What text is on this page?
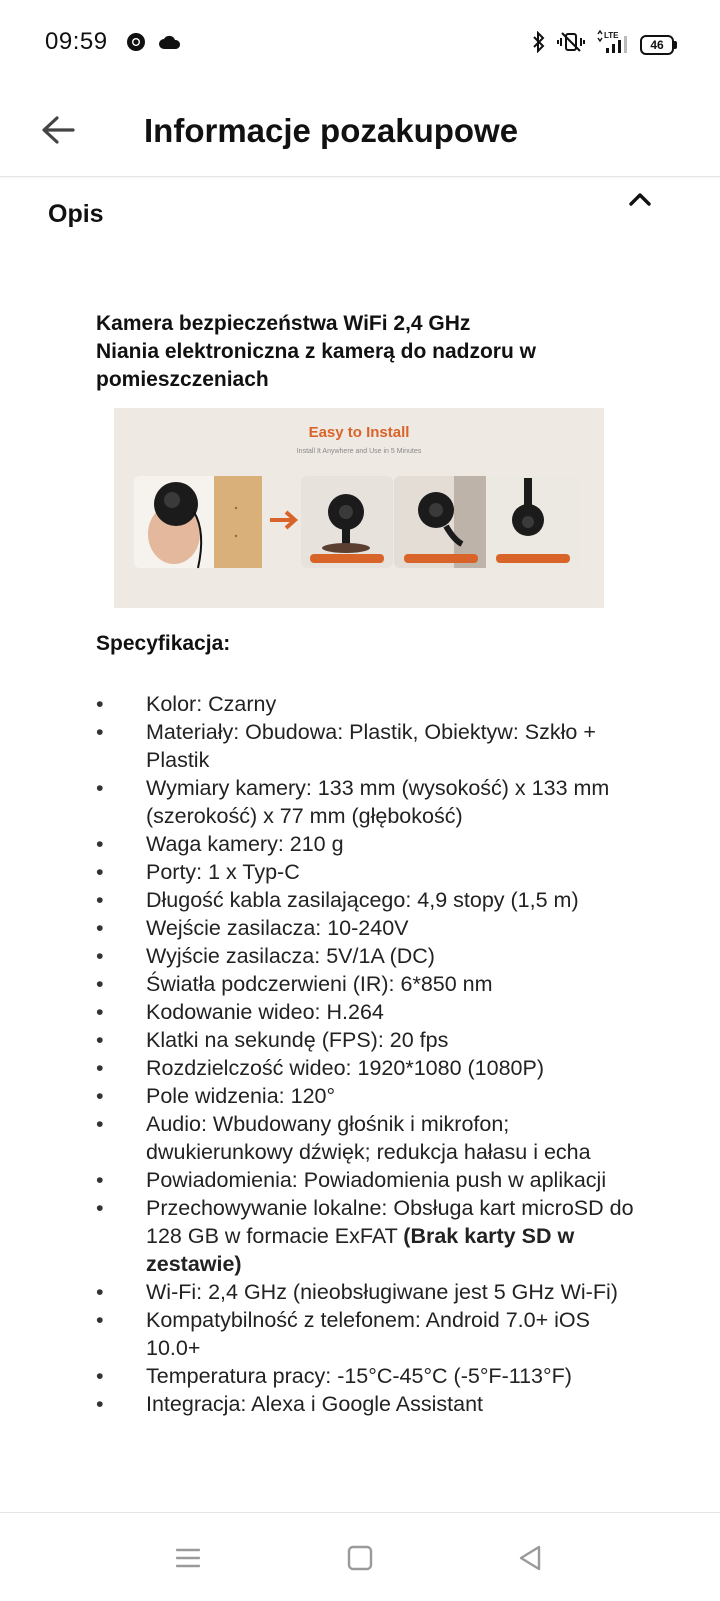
09:59	LTE
46
Informacje pozakupowe
Opis
Kamera bezpieczeństwa WiFi 2,4 GHz
Niania elektroniczna z kamerą do nadzoru w pomieszczeniach
Easy to Install
Install It Anywhere and Use in 5 Minutes
Specyfikacja:
• Kolor: Czarny
• Materiały: Obudowa: Plastik, Obiektyw: Szkło + Plastik
• Wymiary kamery: 133 mm (wysokość) x 133 mm (szerokość) x 77 mm (głębokość)
• Waga kamery: 210 g
• Porty: 1 x Typ-C
• Długość kabla zasilającego: 4,9 stopy (1,5 m)
• Wejście zasilacza: 10-240V
• Wyjście zasilacza: 5V/1A (DC)
• Światła podczerwieni (IR): 6*850 nm
• Kodowanie wideo: H.264
• Klatki na sekundę (FPS): 20 fps
• Rozdzielczość wideo: 1920*1080 (1080P)
• Pole widzenia: 120°
• Audio: Wbudowany głośnik i mikrofon; dwukierunkowy dźwięk; redukcja hałasu i echa
• Powiadomienia: Powiadomienia push w aplikacji
• Przechowywanie lokalne: Obsługa kart microSD do 128 GB w formacie ExFAT (Brak karty SD w zestawie)
• Wi-Fi: 2,4 GHz (nieobsługiwane jest 5 GHz Wi-Fi)
• Kompatybilność z telefonem: Android 7.0+ iOS 10.0+
• Temperatura pracy: -15°C-45°C (-5°F-113°F)
• Integracja: Alexa i Google Assistant
